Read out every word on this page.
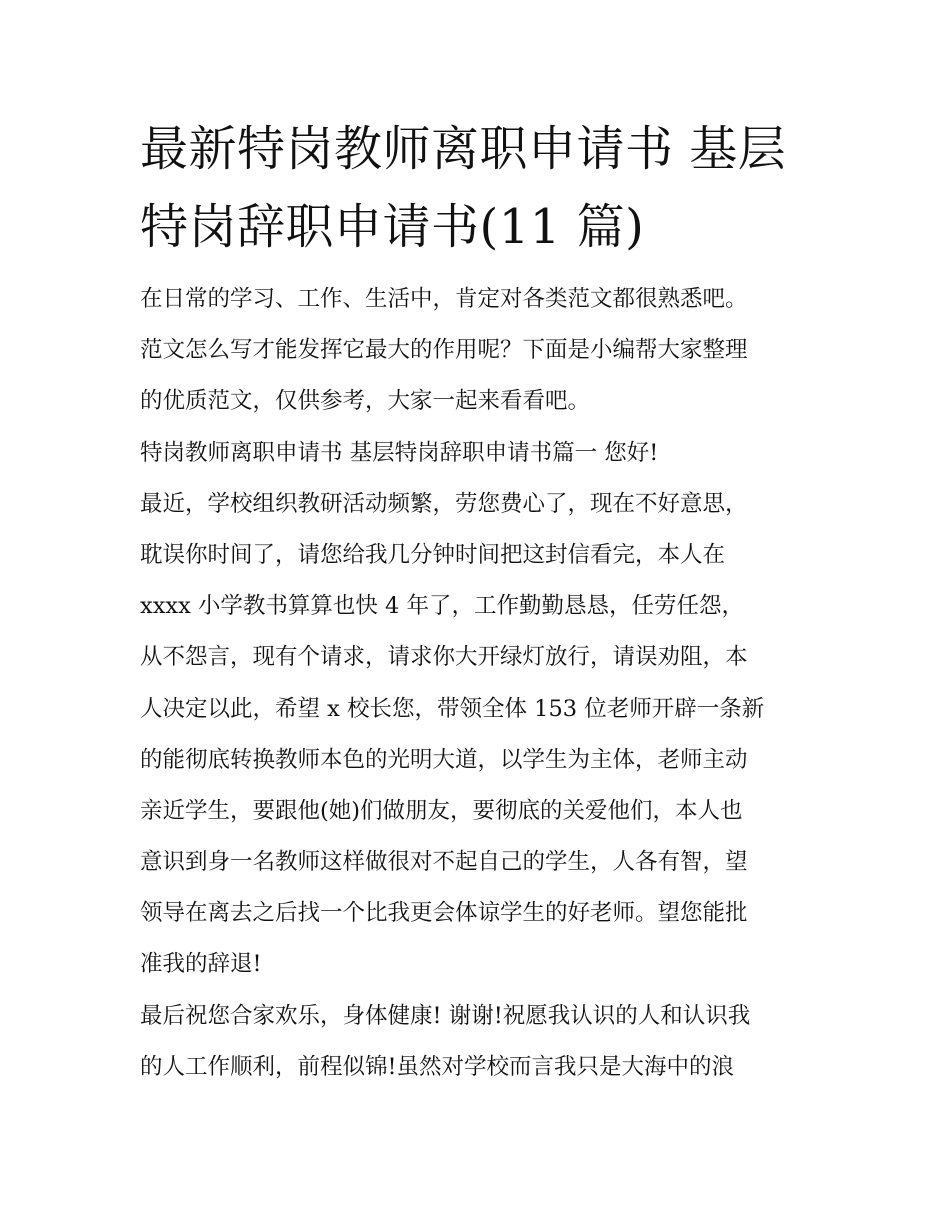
最新特岗教师离职申请书 基层
特岗辞职申请书(11 篇)
在日常的学习、工作、生活中，肯定对各类范文都很熟悉吧。
范文怎么写才能发挥它最大的作用呢？下面是小编帮大家整理
的优质范文，仅供参考，大家一起来看看吧。
特岗教师离职申请书 基层特岗辞职申请书篇一 您好!
最近，学校组织教研活动频繁，劳您费心了，现在不好意思，
耽误你时间了，请您给我几分钟时间把这封信看完，本人在
xxxx 小学教书算算也快 4 年了，工作勤勤恳恳，任劳任怨，
从不怨言，现有个请求，请求你大开绿灯放行，请误劝阻，本
人决定以此，希望 x 校长您，带领全体 153 位老师开辟一条新
的能彻底转换教师本色的光明大道，以学生为主体，老师主动
亲近学生，要跟他(她)们做朋友，要彻底的关爱他们，本人也
意识到身一名教师这样做很对不起自己的学生，人各有智，望
领导在离去之后找一个比我更会体谅学生的好老师。望您能批
准我的辞退!
最后祝您合家欢乐，身体健康! 谢谢!祝愿我认识的人和认识我
的人工作顺利，前程似锦!虽然对学校而言我只是大海中的浪
